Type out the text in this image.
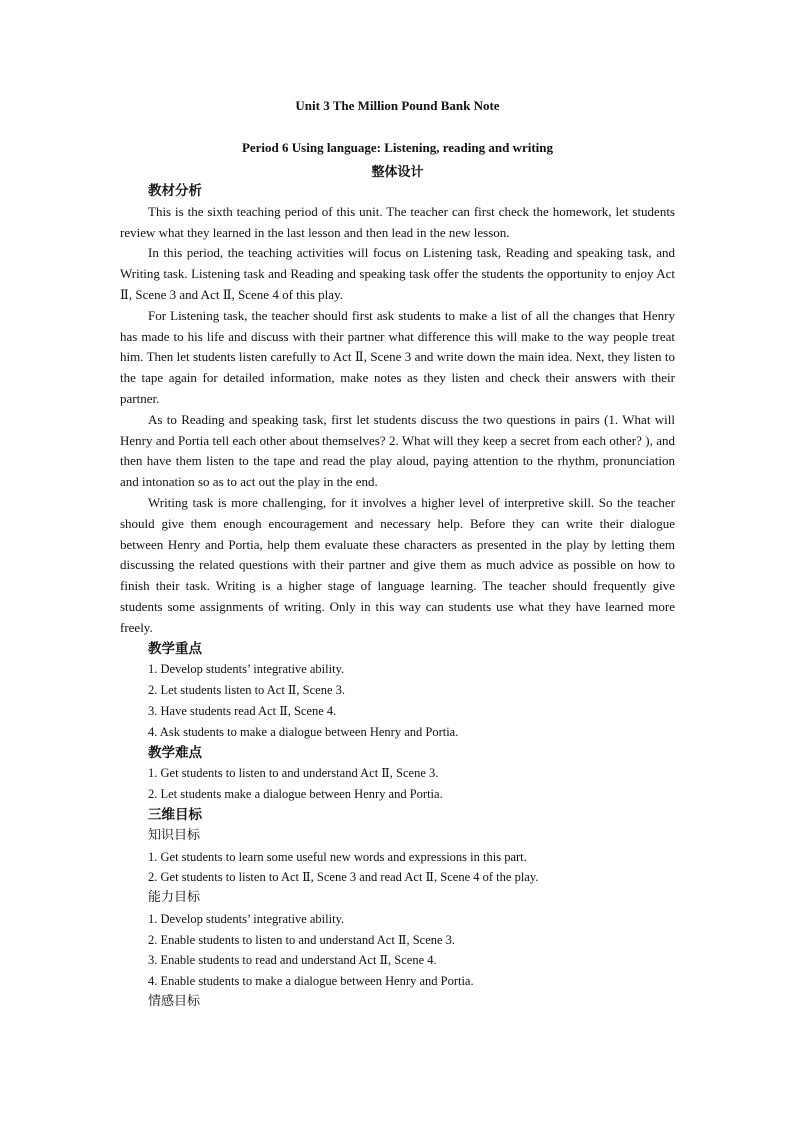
Unit 3 The Million Pound Bank Note
Period 6 Using language: Listening, reading and writing
整体设计
教材分析

This is the sixth teaching period of this unit. The teacher can first check the homework, let students review what they learned in the last lesson and then lead in the new lesson.

In this period, the teaching activities will focus on Listening task, Reading and speaking task, and Writing task. Listening task and Reading and speaking task offer the students the opportunity to enjoy Act Ⅱ, Scene 3 and Act Ⅱ, Scene 4 of this play.

For Listening task, the teacher should first ask students to make a list of all the changes that Henry has made to his life and discuss with their partner what difference this will make to the way people treat him. Then let students listen carefully to Act Ⅱ, Scene 3 and write down the main idea. Next, they listen to the tape again for detailed information, make notes as they listen and check their answers with their partner.

As to Reading and speaking task, first let students discuss the two questions in pairs (1. What will Henry and Portia tell each other about themselves? 2. What will they keep a secret from each other? ), and then have them listen to the tape and read the play aloud, paying attention to the rhythm, pronunciation and intonation so as to act out the play in the end.

Writing task is more challenging, for it involves a higher level of interpretive skill. So the teacher should give them enough encouragement and necessary help. Before they can write their dialogue between Henry and Portia, help them evaluate these characters as presented in the play by letting them discussing the related questions with their partner and give them as much advice as possible on how to finish their task. Writing is a higher stage of language learning. The teacher should frequently give students some assignments of writing. Only in this way can students use what they have learned more freely.

教学重点
1. Develop students’ integrative ability.
2. Let students listen to Act Ⅱ, Scene 3.
3. Have students read Act Ⅱ, Scene 4.
4. Ask students to make a dialogue between Henry and Portia.
教学难点
1. Get students to listen to and understand Act Ⅱ, Scene 3.
2. Let students make a dialogue between Henry and Portia.
三维目标
知识目标
1. Get students to learn some useful new words and expressions in this part.
2. Get students to listen to Act Ⅱ, Scene 3 and read Act Ⅱ, Scene 4 of the play.
能力目标
1. Develop students’ integrative ability.
2. Enable students to listen to and understand Act Ⅱ, Scene 3.
3. Enable students to read and understand Act Ⅱ, Scene 4.
4. Enable students to make a dialogue between Henry and Portia.
情感目标
